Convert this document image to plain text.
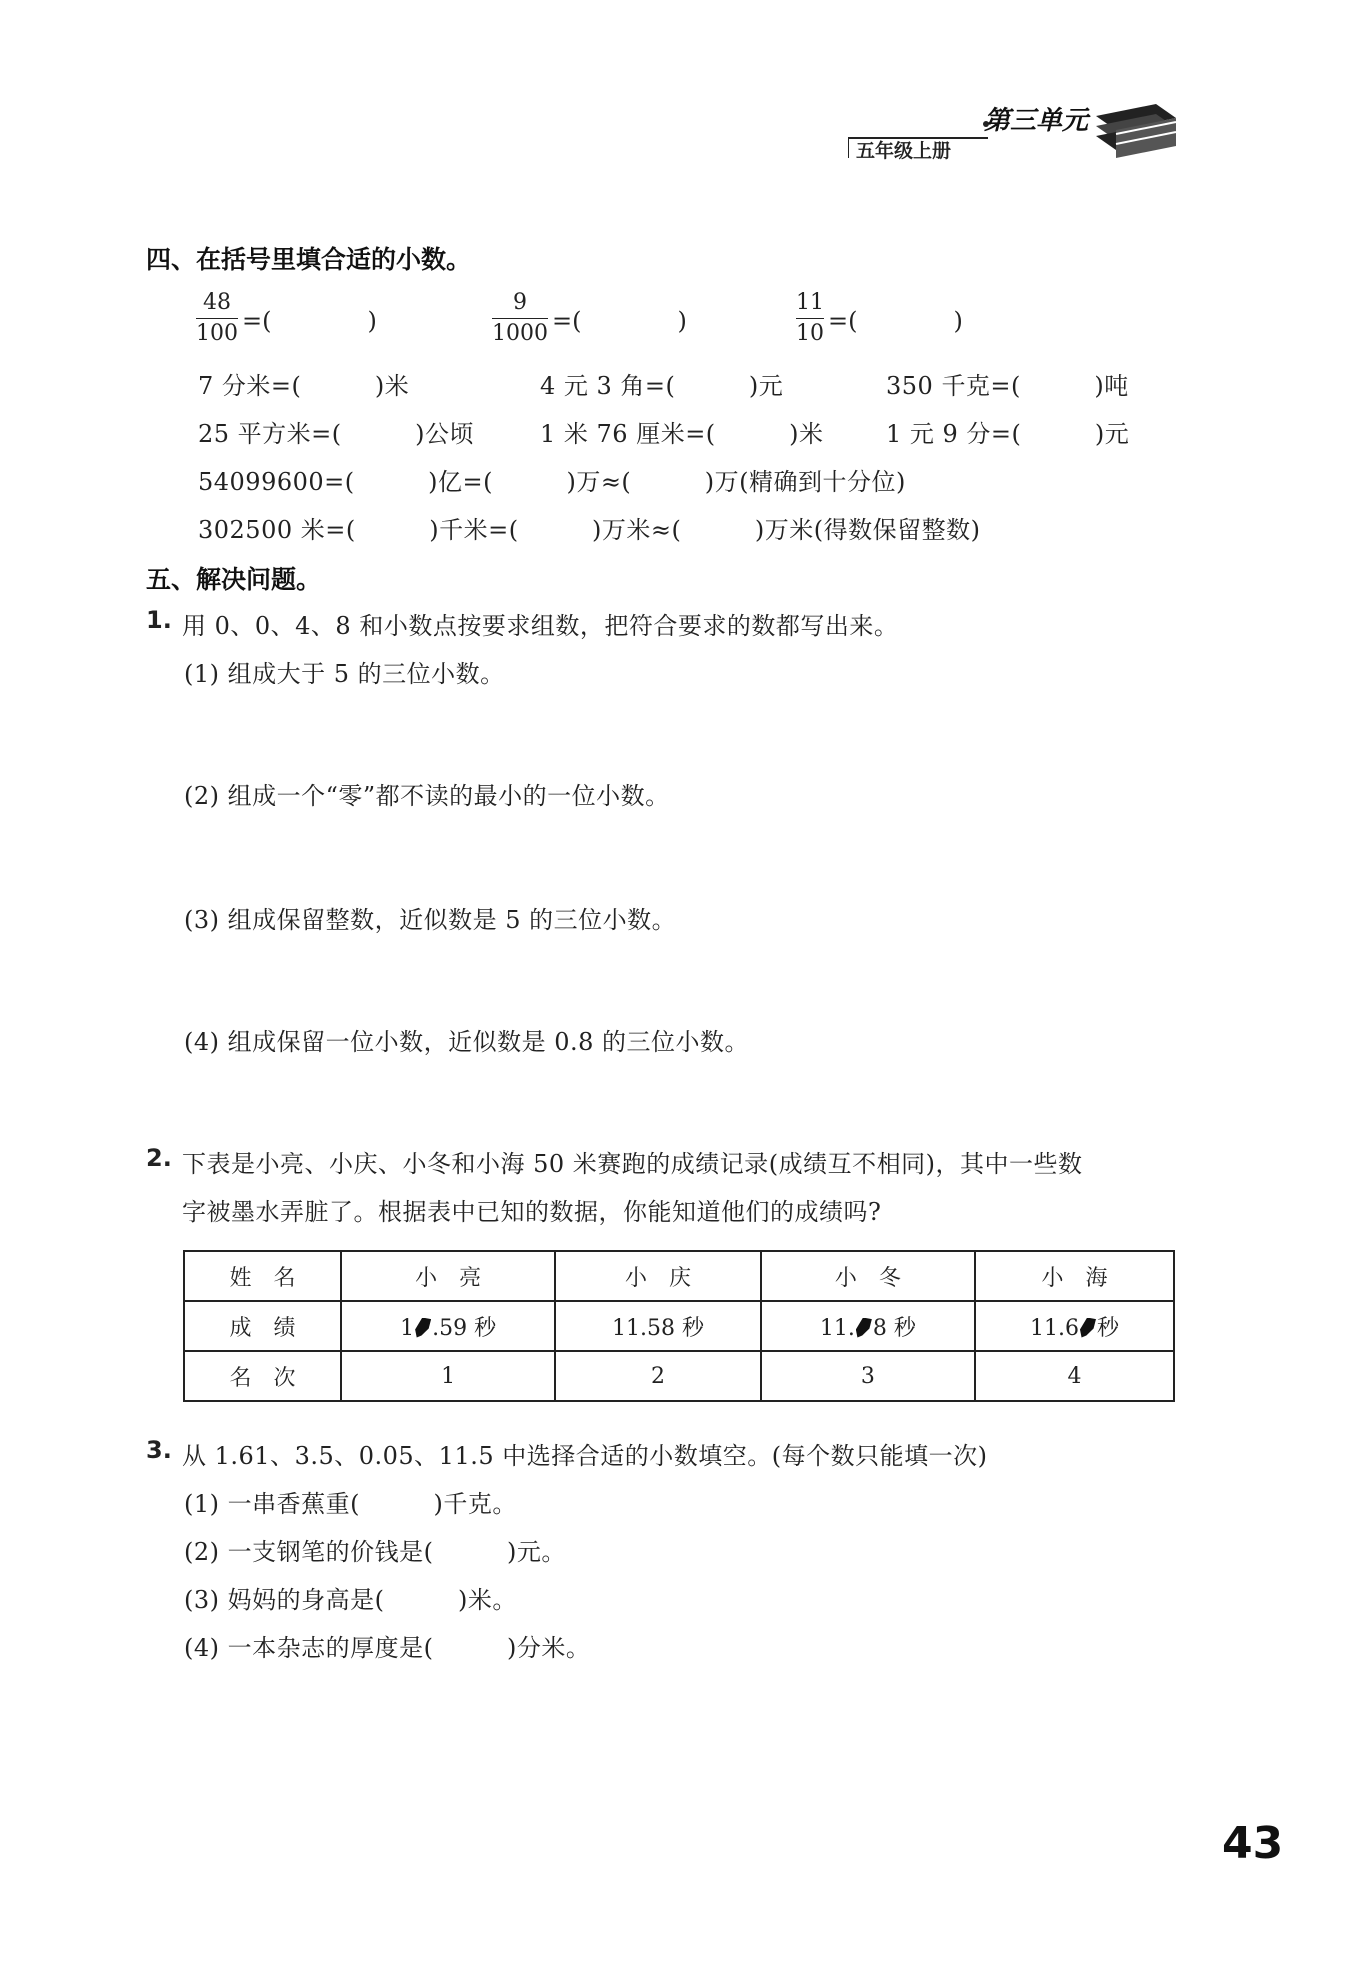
五年级上册
第三单元
四、在括号里填合适的小数。
48
100 =(　　　　)
9
1000 =(　　　　)
11
10 =(　　　　)
7 分米=(　　　)米	4 元 3 角=(　　　)元	350 千克=(　　　)吨
25 平方米=(　　　)公顷	1 米 76 厘米=(　　　)米	1 元 9 分=(　　　)元
54099600=(　　　)亿=(　　　)万≈(　　　)万(精确到十分位)
302500 米=(　　　)千米=(　　　)万米≈(　　　)万米(得数保留整数)
五、解决问题。
1. 用 0、0、4、8 和小数点按要求组数，把符合要求的数都写出来。
(1) 组成大于 5 的三位小数。
(2) 组成一个“零”都不读的最小的一位小数。
(3) 组成保留整数，近似数是 5 的三位小数。
(4) 组成保留一位小数，近似数是 0.8 的三位小数。
2. 下表是小亮、小庆、小冬和小海 50 米赛跑的成绩记录(成绩互不相同)，其中一些数
字被墨水弄脏了。根据表中已知的数据，你能知道他们的成绩吗?
姓　名	小　亮	小　庆	小　冬	小　海
成　绩	1 .59 秒	11.58 秒	11. 8 秒	11.6 秒
名　次	1	2	3	4
3. 从 1.61、3.5、0.05、11.5 中选择合适的小数填空。(每个数只能填一次)
(1) 一串香蕉重(　　　)千克。
(2) 一支钢笔的价钱是(　　　)元。
(3) 妈妈的身高是(　　　)米。
(4) 一本杂志的厚度是(　　　)分米。
43
